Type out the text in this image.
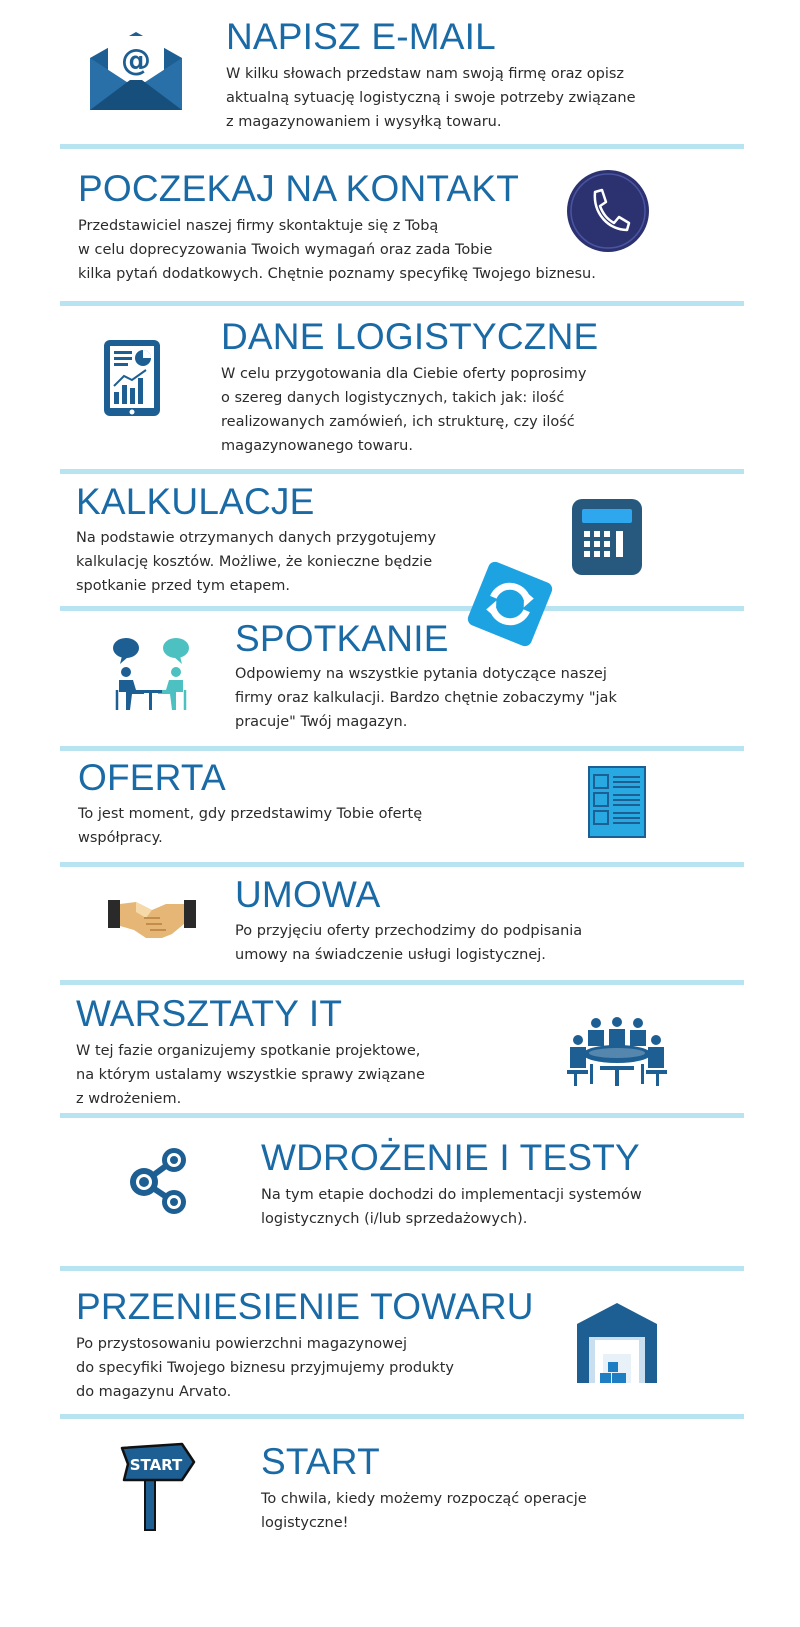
@
NAPISZ E-MAIL
W kilku słowach przedstaw nam swoją firmę oraz opisz
aktualną sytuację logistyczną i swoje potrzeby związane
z magazynowaniem i wysyłką towaru.
POCZEKAJ NA KONTAKT
Przedstawiciel naszej firmy skontaktuje się z Tobą
w celu doprecyzowania Twoich wymagań oraz zada Tobie
kilka pytań dodatkowych. Chętnie poznamy specyfikę Twojego biznesu.
DANE LOGISTYCZNE
W celu przygotowania dla Ciebie oferty poprosimy
o szereg danych logistycznych, takich jak: ilość
realizowanych zamówień, ich strukturę, czy ilość
magazynowanego towaru.
KALKULACJE
Na podstawie otrzymanych danych przygotujemy
kalkulację kosztów. Możliwe, że konieczne będzie
spotkanie przed tym etapem.
SPOTKANIE
Odpowiemy na wszystkie pytania dotyczące naszej
firmy oraz kalkulacji. Bardzo chętnie zobaczymy "jak
pracuje" Twój magazyn.
OFERTA
To jest moment, gdy przedstawimy Tobie ofertę
współpracy.
UMOWA
Po przyjęciu oferty przechodzimy do podpisania
umowy na świadczenie usługi logistycznej.
WARSZTATY IT
W tej fazie organizujemy spotkanie projektowe,
na którym ustalamy wszystkie sprawy związane
z wdrożeniem.
WDROŻENIE I TESTY
Na tym etapie dochodzi do implementacji systemów
logistycznych (i/lub sprzedażowych).
PRZENIESIENIE TOWARU
Po przystosowaniu powierzchni magazynowej
do specyfiki Twojego biznesu przyjmujemy produkty
do magazynu Arvato.
START START
To chwila, kiedy możemy rozpocząć operacje
logistyczne!
